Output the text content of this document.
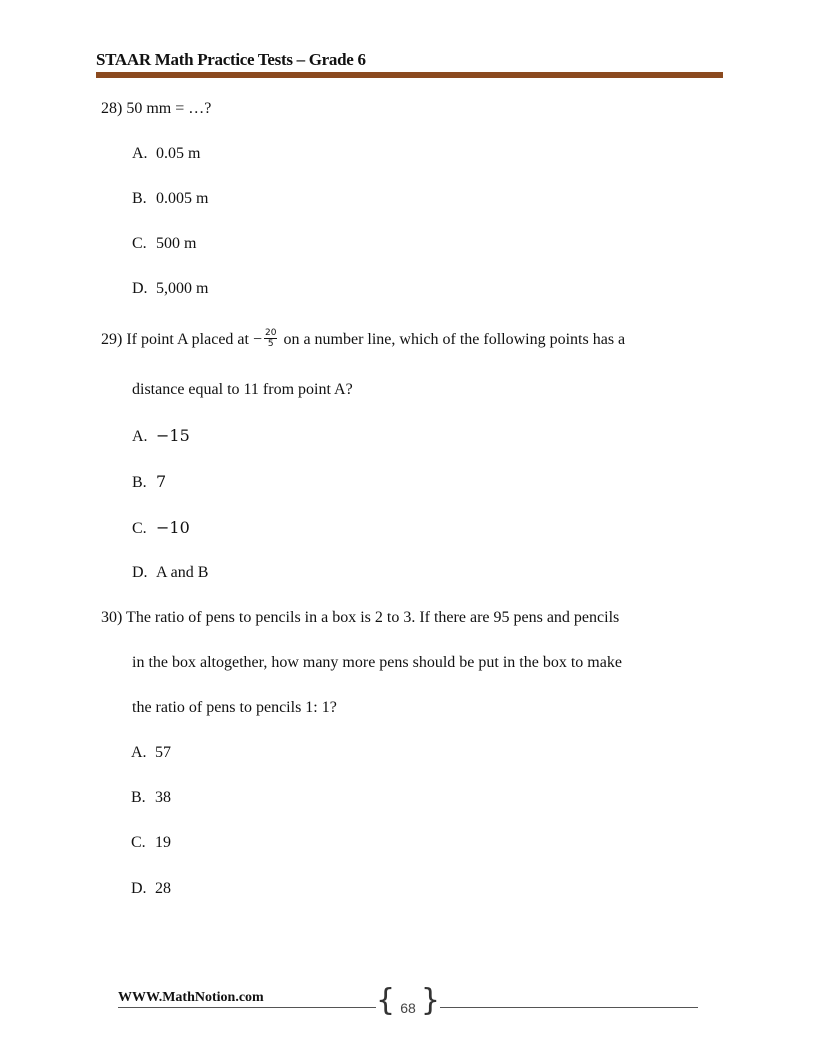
STAAR Math Practice Tests – Grade 6
28) 50 mm = …?
A. 0.05 m
B. 0.005 m
C. 500 m
D. 5,000 m
29) If point A placed at − $\frac{20}{5}$ on a number line, which of the following points has a
distance equal to 11 from point A?
A. −15
B. 7
C. −10
D. A and B
30) The ratio of pens to pencils in a box is 2 to 3. If there are 95 pens and pencils
in the box altogether, how many more pens should be put in the box to make
the ratio of pens to pencils 1: 1?
A. 57
B. 38
C. 19
D. 28
WWW.MathNotion.com	{ 68 }
